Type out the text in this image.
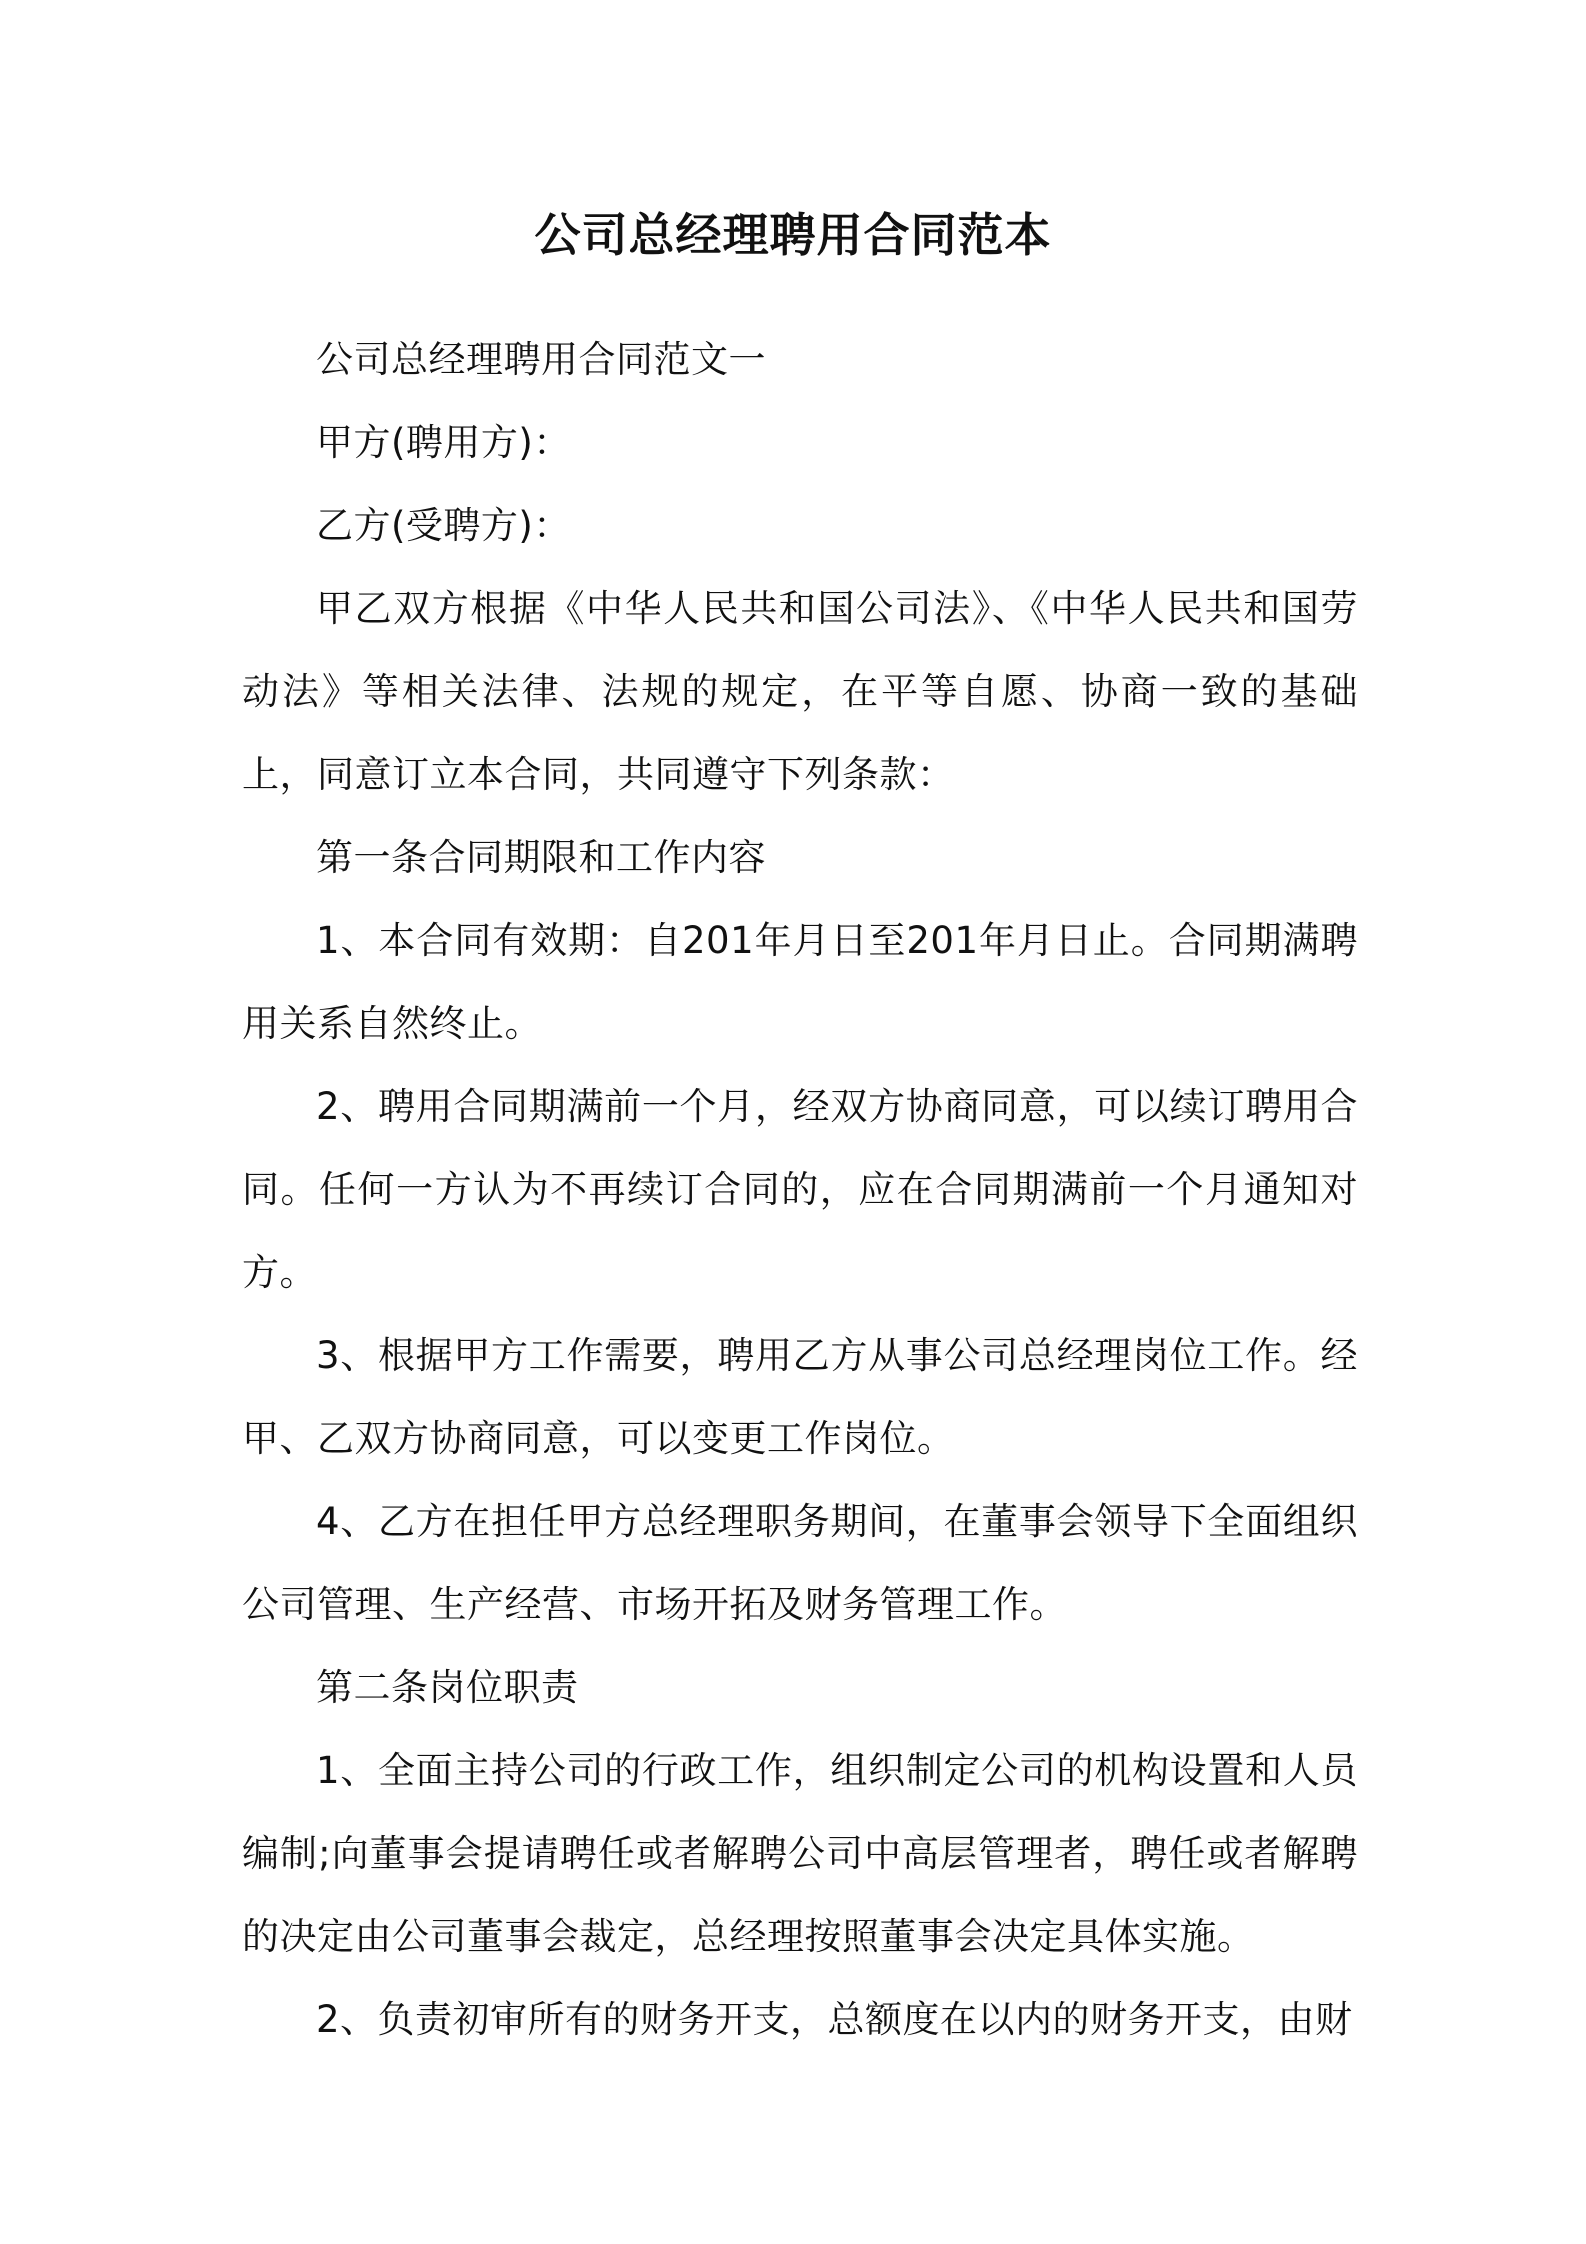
公司总经理聘用合同范本

公司总经理聘用合同范文一

甲方(聘用方)：

乙方(受聘方)：

甲乙双方根据《中华人民共和国公司法》、《中华人民共和国劳动法》等相关法律、法规的规定，在平等自愿、协商一致的基础上，同意订立本合同，共同遵守下列条款：

第一条合同期限和工作内容

1、本合同有效期：自201年月日至201年月日止。合同期满聘用关系自然终止。

2、聘用合同期满前一个月，经双方协商同意，可以续订聘用合同。任何一方认为不再续订合同的，应在合同期满前一个月通知对方。

3、根据甲方工作需要，聘用乙方从事公司总经理岗位工作。经甲、乙双方协商同意，可以变更工作岗位。

4、乙方在担任甲方总经理职务期间，在董事会领导下全面组织公司管理、生产经营、市场开拓及财务管理工作。

第二条岗位职责

1、全面主持公司的行政工作，组织制定公司的机构设置和人员编制;向董事会提请聘任或者解聘公司中高层管理者，聘任或者解聘的决定由公司董事会裁定，总经理按照董事会决定具体实施。

2、负责初审所有的财务开支，总额度在以内的财务开支，由财
